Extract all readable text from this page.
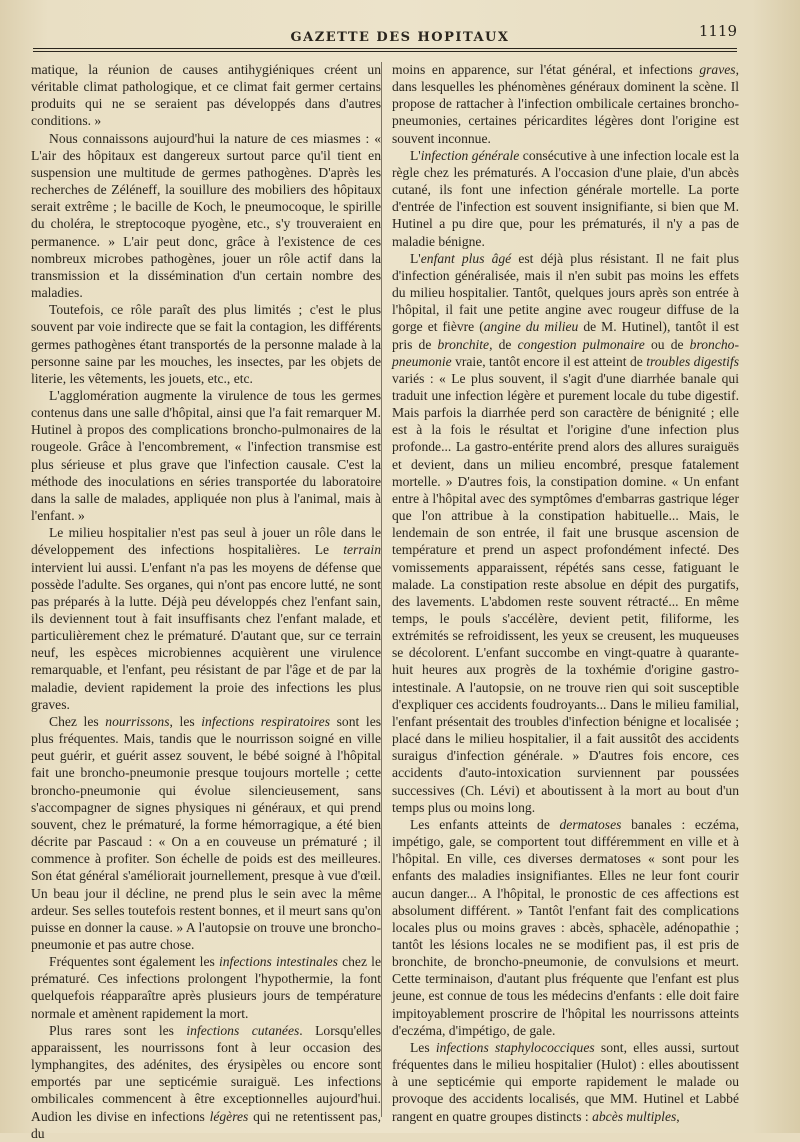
GAZETTE DES HOPITAUX	1119

matique, la réunion de causes antihygiéniques créent un véritable climat pathologique, et ce climat fait germer certains produits qui ne se seraient pas développés dans d'autres conditions. »

Nous connaissons aujourd'hui la nature de ces miasmes : « L'air des hôpitaux est dangereux surtout parce qu'il tient en suspension une multitude de germes pathogènes. D'après les recherches de Zéléneff, la souillure des mobiliers des hôpitaux serait extrême ; le bacille de Koch, le pneumocoque, le spirille du choléra, le streptocoque pyogène, etc., s'y trouveraient en permanence. » L'air peut donc, grâce à l'existence de ces nombreux microbes pathogènes, jouer un rôle actif dans la transmission et la dissémination d'un certain nombre des maladies.

Toutefois, ce rôle paraît des plus limités ; c'est le plus souvent par voie indirecte que se fait la contagion, les différents germes pathogènes étant transportés de la personne malade à la personne saine par les mouches, les insectes, par les objets de literie, les vêtements, les jouets, etc., etc.

L'agglomération augmente la virulence de tous les germes contenus dans une salle d'hôpital, ainsi que l'a fait remarquer M. Hutinel à propos des complications broncho-pulmonaires de la rougeole. Grâce à l'encombrement, « l'infection transmise est plus sérieuse et plus grave que l'infection causale. C'est la méthode des inoculations en séries transportée du laboratoire dans la salle de malades, appliquée non plus à l'animal, mais à l'enfant. »

Le milieu hospitalier n'est pas seul à jouer un rôle dans le développement des infections hospitalières. Le terrain intervient lui aussi. L'enfant n'a pas les moyens de défense que possède l'adulte. Ses organes, qui n'ont pas encore lutté, ne sont pas préparés à la lutte. Déjà peu développés chez l'enfant sain, ils deviennent tout à fait insuffisants chez l'enfant malade, et particulièrement chez le prématuré. D'autant que, sur ce terrain neuf, les espèces microbiennes acquièrent une virulence remarquable, et l'enfant, peu résistant de par l'âge et de par la maladie, devient rapidement la proie des infections les plus graves.

Chez les nourrissons, les infections respiratoires sont les plus fréquentes. Mais, tandis que le nourrisson soigné en ville peut guérir, et guérit assez souvent, le bébé soigné à l'hôpital fait une broncho-pneumonie presque toujours mortelle ; cette broncho-pneumonie qui évolue silencieusement, sans s'accompagner de signes physiques ni généraux, et qui prend souvent, chez le prématuré, la forme hémorragique, a été bien décrite par Pascaud : « On a en couveuse un prématuré ; il commence à profiter. Son échelle de poids est des meilleures. Son état général s'améliorait journellement, presque à vue d'œil. Un beau jour il décline, ne prend plus le sein avec la même ardeur. Ses selles toutefois restent bonnes, et il meurt sans qu'on puisse en donner la cause. » A l'autopsie on trouve une broncho-pneumonie et pas autre chose.

Fréquentes sont également les infections intestinales chez le prématuré. Ces infections prolongent l'hypothermie, la font quelquefois réapparaître après plusieurs jours de température normale et amènent rapidement la mort.

Plus rares sont les infections cutanées. Lorsqu'elles apparaissent, les nourrissons font à leur occasion des lymphangites, des adénites, des érysipèles ou encore sont emportés par une septicémie suraiguë. Les infections ombilicales commencent à être exceptionnelles aujourd'hui. Audion les divise en infections légères qui ne retentissent pas, du

moins en apparence, sur l'état général, et infections graves, dans lesquelles les phénomènes généraux dominent la scène. Il propose de rattacher à l'infection ombilicale certaines broncho-pneumonies, certaines péricardites légères dont l'origine est souvent inconnue.

L'infection générale consécutive à une infection locale est la règle chez les prématurés. A l'occasion d'une plaie, d'un abcès cutané, ils font une infection générale mortelle. La porte d'entrée de l'infection est souvent insignifiante, si bien que M. Hutinel a pu dire que, pour les prématurés, il n'y a pas de maladie bénigne.

L'enfant plus âgé est déjà plus résistant. Il ne fait plus d'infection généralisée, mais il n'en subit pas moins les effets du milieu hospitalier. Tantôt, quelques jours après son entrée à l'hôpital, il fait une petite angine avec rougeur diffuse de la gorge et fièvre (angine du milieu de M. Hutinel), tantôt il est pris de bronchite, de congestion pulmonaire ou de broncho-pneumonie vraie, tantôt encore il est atteint de troubles digestifs variés : « Le plus souvent, il s'agit d'une diarrhée banale qui traduit une infection légère et purement locale du tube digestif. Mais parfois la diarrhée perd son caractère de bénignité ; elle est à la fois le résultat et l'origine d'une infection plus profonde... La gastro-entérite prend alors des allures suraiguës et devient, dans un milieu encombré, presque fatalement mortelle. » D'autres fois, la constipation domine. « Un enfant entre à l'hôpital avec des symptômes d'embarras gastrique léger que l'on attribue à la constipation habituelle... Mais, le lendemain de son entrée, il fait une brusque ascension de température et prend un aspect profondément infecté. Des vomissements apparaissent, répétés sans cesse, fatiguant le malade. La constipation reste absolue en dépit des purgatifs, des lavements. L'abdomen reste souvent rétracté... En même temps, le pouls s'accélère, devient petit, filiforme, les extrémités se refroidissent, les yeux se creusent, les muqueuses se décolorent. L'enfant succombe en vingt-quatre à quarante-huit heures aux progrès de la toxhémie d'origine gastro-intestinale. A l'autopsie, on ne trouve rien qui soit susceptible d'expliquer ces accidents foudroyants... Dans le milieu familial, l'enfant présentait des troubles d'infection bénigne et localisée ; placé dans le milieu hospitalier, il a fait aussitôt des accidents suraigus d'infection générale. » D'autres fois encore, ces accidents d'auto-intoxication surviennent par poussées successives (Ch. Lévi) et aboutissent à la mort au bout d'un temps plus ou moins long.

Les enfants atteints de dermatoses banales : eczéma, impétigo, gale, se comportent tout différemment en ville et à l'hôpital. En ville, ces diverses dermatoses « sont pour les enfants des maladies insignifiantes. Elles ne leur font courir aucun danger... A l'hôpital, le pronostic de ces affections est absolument différent. » Tantôt l'enfant fait des complications locales plus ou moins graves : abcès, sphacèle, adénopathie ; tantôt les lésions locales ne se modifient pas, il est pris de bronchite, de broncho-pneumonie, de convulsions et meurt. Cette terminaison, d'autant plus fréquente que l'enfant est plus jeune, est connue de tous les médecins d'enfants : elle doit faire impitoyablement proscrire de l'hôpital les nourrissons atteints d'eczéma, d'impétigo, de gale.

Les infections staphylococciques sont, elles aussi, surtout fréquentes dans le milieu hospitalier (Hulot) : elles aboutissent à une septicémie qui emporte rapidement le malade ou provoque des accidents localisés, que MM. Hutinel et Labbé rangent en quatre groupes distincts : abcès multiples,
